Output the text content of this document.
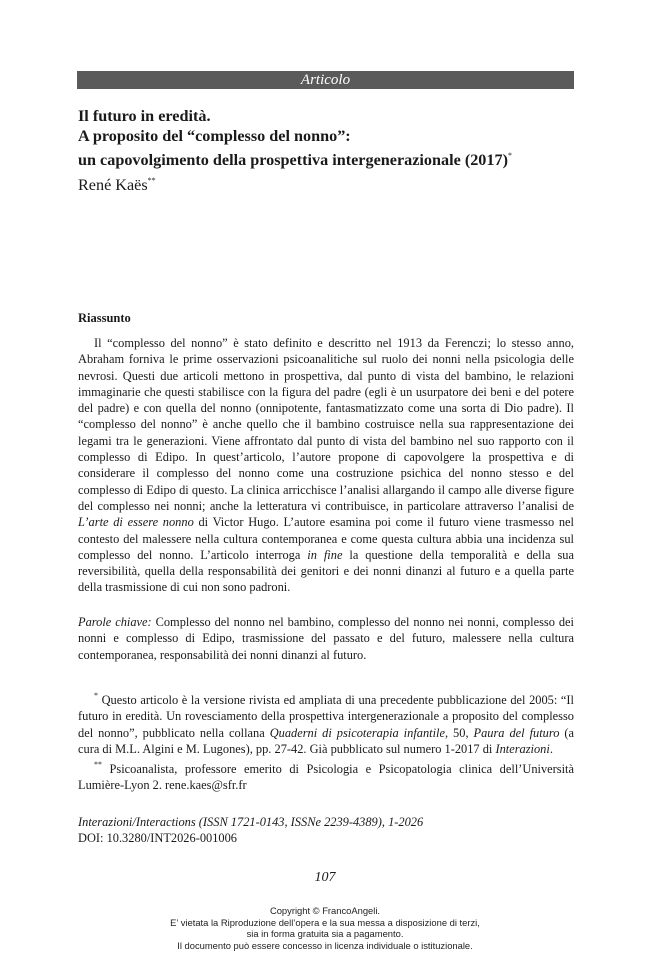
Articolo
Il futuro in eredità.
A proposito del “complesso del nonno”:
un capovolgimento della prospettiva intergenerazionale (2017)*
René Kaës**
Riassunto
Il “complesso del nonno” è stato definito e descritto nel 1913 da Ferenczi; lo stesso anno, Abraham forniva le prime osservazioni psicoanalitiche sul ruolo dei nonni nella psicologia delle nevrosi. Questi due articoli mettono in prospettiva, dal punto di vista del bambino, le relazioni immaginarie che questi stabilisce con la figura del padre (egli è un usurpatore dei beni e del potere del padre) e con quella del nonno (onnipotente, fantasmatizzato come una sorta di Dio padre). Il “complesso del nonno” è anche quello che il bambino costruisce nella sua rappresentazione dei legami tra le generazioni. Viene affrontato dal punto di vista del bambino nel suo rapporto con il complesso di Edipo. In quest’articolo, l’autore propone di capovolgere la prospettiva e di considerare il complesso del nonno come una costruzione psichica del nonno stesso e del complesso di Edipo di questo. La clinica arricchisce l’analisi allargando il campo alle diverse figure del complesso nei nonni; anche la letteratura vi contribuisce, in particolare attraverso l’analisi de L’arte di essere nonno di Victor Hugo. L’autore esamina poi come il futuro viene trasmesso nel contesto del malessere nella cultura contemporanea e come questa cultura abbia una incidenza sul complesso del nonno. L’articolo interroga in fine la questione della temporalità e della sua reversibilità, quella della responsabilità dei genitori e dei nonni dinanzi al futuro e a quella parte della trasmissione di cui non sono padroni.
Parole chiave: Complesso del nonno nel bambino, complesso del nonno nei nonni, complesso dei nonni e complesso di Edipo, trasmissione del passato e del futuro, malessere nella cultura contemporanea, responsabilità dei nonni dinanzi al futuro.

* Questo articolo è la versione rivista ed ampliata di una precedente pubblicazione del 2005: “Il futuro in eredità. Un rovesciamento della prospettiva intergenerazionale a proposito del complesso del nonno”, pubblicato nella collana Quaderni di psicoterapia infantile, 50, Paura del futuro (a cura di M.L. Algini e M. Lugones), pp. 27-42. Già pubblicato sul numero 1-2017 di Interazioni.

** Psicoanalista, professore emerito di Psicologia e Psicopatologia clinica dell’Università Lumière-Lyon 2. rene.kaes@sfr.fr

Interazioni/Interactions (ISSN 1721-0143, ISSNe 2239-4389), 1-2026
DOI: 10.3280/INT2026-001006
107
Copyright © FrancoAngeli.
E’ vietata la Riproduzione dell’opera e la sua messa a disposizione di terzi,
sia in forma gratuita sia a pagamento.
Il documento può essere concesso in licenza individuale o istituzionale.
